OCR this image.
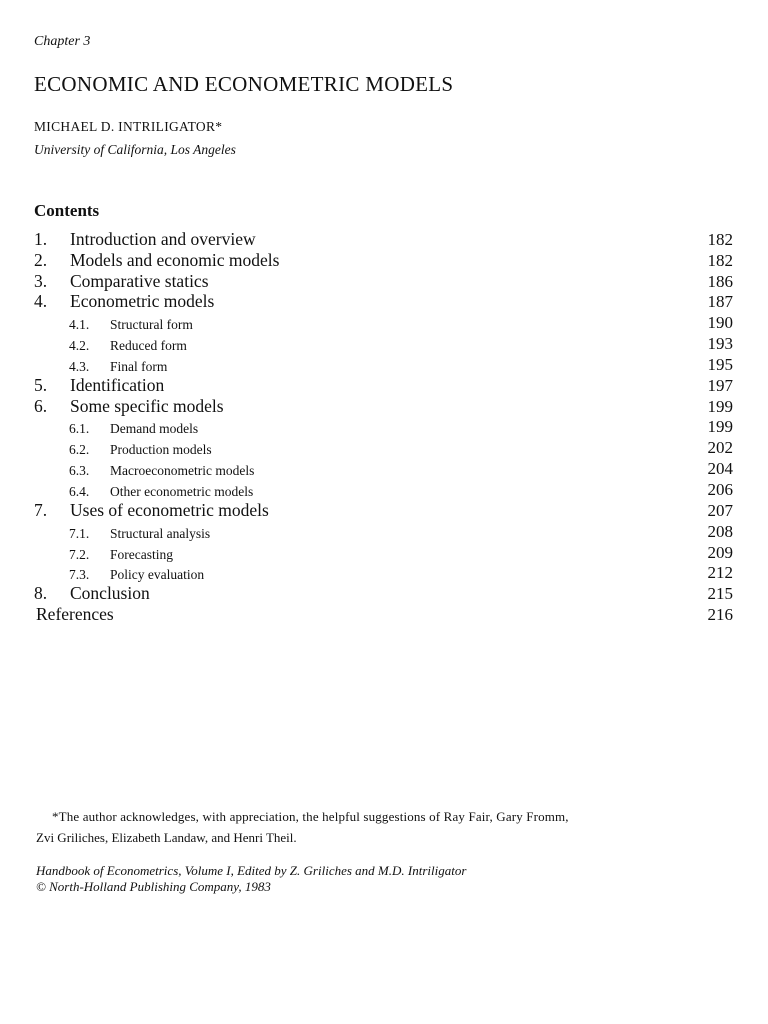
Chapter 3
ECONOMIC AND ECONOMETRIC MODELS
MICHAEL D. INTRILIGATOR*
University of California, Los Angeles
Contents
1. Introduction and overview	182
2. Models and economic models	182
3. Comparative statics	186
4. Econometric models	187
4.1. Structural form	190
4.2. Reduced form	193
4.3. Final form	195
5. Identification	197
6. Some specific models	199
6.1. Demand models	199
6.2. Production models	202
6.3. Macroeconometric models	204
6.4. Other econometric models	206
7. Uses of econometric models	207
7.1. Structural analysis	208
7.2. Forecasting	209
7.3. Policy evaluation	212
8. Conclusion	215
References	216

*The author acknowledges, with appreciation, the helpful suggestions of Ray Fair, Gary Fromm,

Zvi Griliches, Elizabeth Landaw, and Henri Theil.

Handbook of Econometrics, Volume I, Edited by Z. Griliches and M.D. Intriligator
© North-Holland Publishing Company, 1983
